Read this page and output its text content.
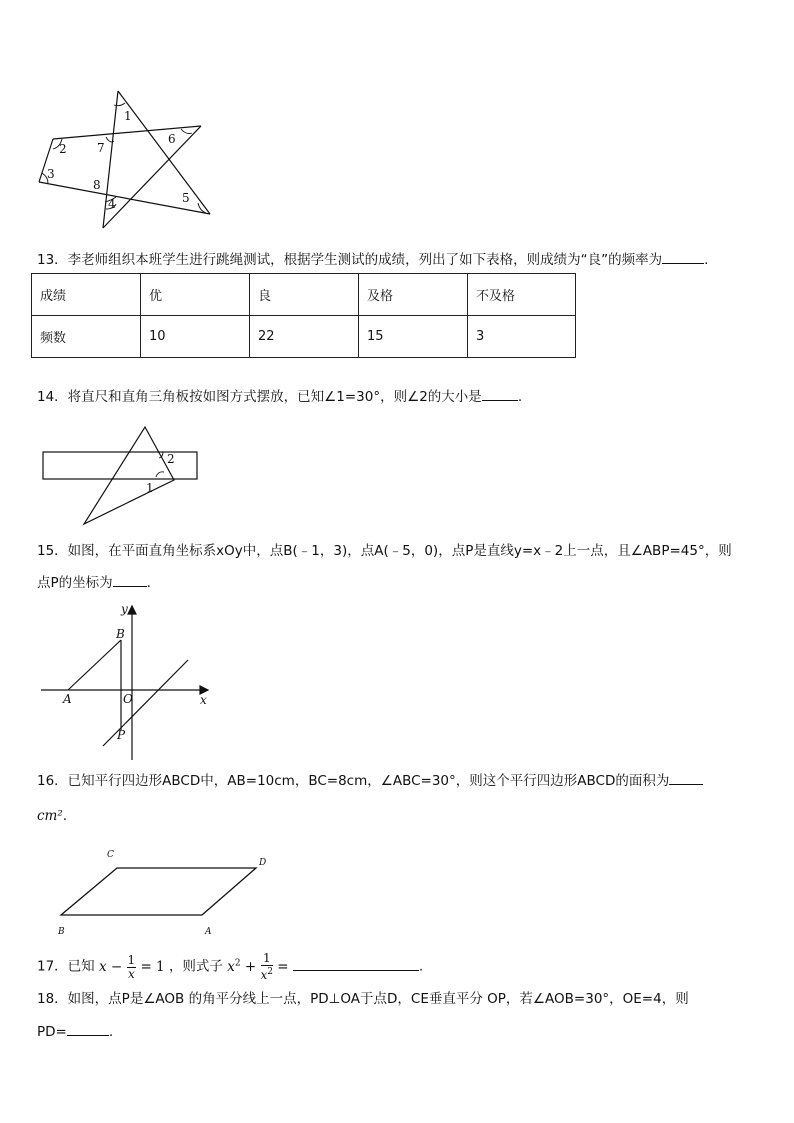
1
2
3
4	5
6
7
8
13．李老师组织本班学生进行跳绳测试，根据学生测试的成绩，列出了如下表格，则成绩为“良”的频率为	.
成绩	优	良	及格	不及格
频数	10	22	15	3
14．将直尺和直角三角板按如图方式摆放，已知∠1=30°，则∠2的大小是	.
2
1
15．如图，在平面直角坐标系xOy中，点B(﹣1，3)，点A(﹣5，0)，点P是直线y=x﹣2上一点，且∠ABP=45°，则
点P的坐标为	.
y
x
B
A	O
P
16．已知平行四边形ABCD中，AB=10cm，BC=8cm，∠ABC=30°，则这个平行四边形ABCD的面积为
cm².
C
D
B	A
17．已知 $x - \frac{1}{x} = 1$ ，则式子 $x^2 + \frac{1}{x^2}$ =	.
18．如图，点P是∠AOB 的角平分线上一点，PD⊥OA于点D，CE垂直平分 OP，若∠AOB=30°，OE=4，则
PD=	.
